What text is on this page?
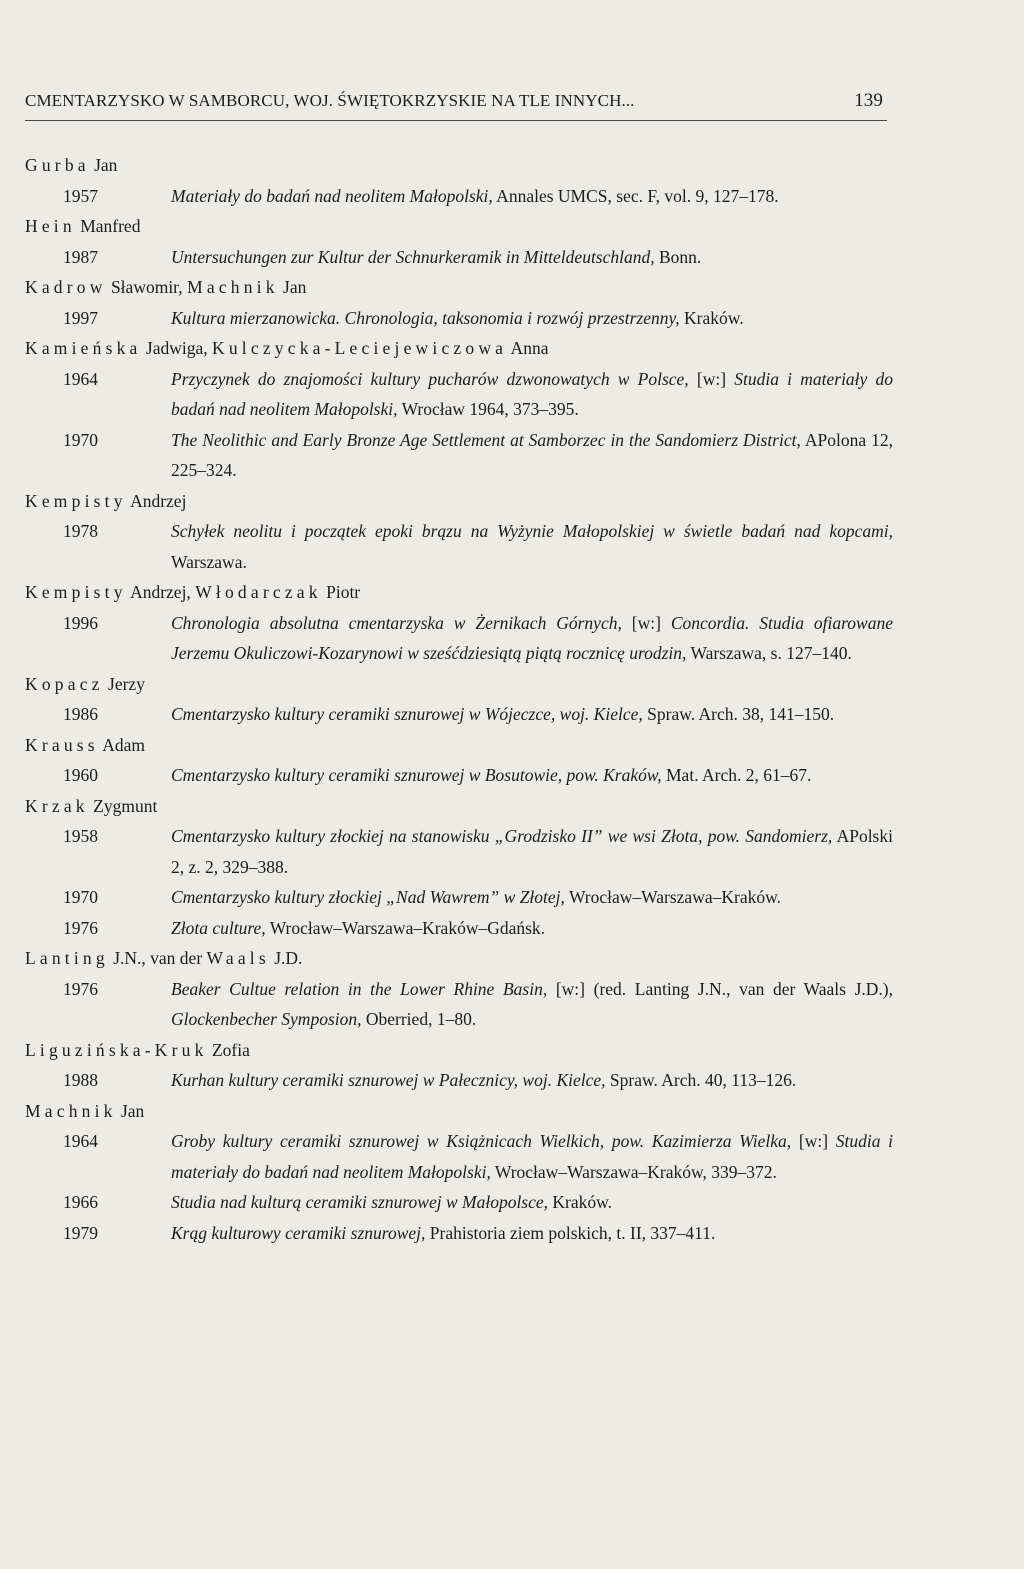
CMENTARZYSKO W SAMBORCU, WOJ. ŚWIĘTOKRZYSKIE NA TLE INNYCH...	139
Gurba Jan
1957	Materiały do badań nad neolitem Małopolski, Annales UMCS, sec. F, vol. 9, 127–178.
Hein Manfred
1987	Untersuchungen zur Kultur der Schnurkeramik in Mitteldeutschland, Bonn.
Kadrow Sławomir, Machnik Jan
1997	Kultura mierzanowicka. Chronologia, taksonomia i rozwój przestrzenny, Kraków.
Kamieńska Jadwiga, Kulczycka-Leciejewiczowa Anna
1964	Przyczynek do znajomości kultury pucharów dzwonowatych w Polsce, [w:] Studia i materiały do badań nad neolitem Małopolski, Wrocław 1964, 373–395.
1970	The Neolithic and Early Bronze Age Settlement at Samborzec in the Sandomierz District, APolona 12, 225–324.
Kempisty Andrzej
1978	Schyłek neolitu i początek epoki brązu na Wyżynie Małopolskiej w świetle badań nad kopcami, Warszawa.
Kempisty Andrzej, Włodarczak Piotr
1996	Chronologia absolutna cmentarzyska w Żernikach Górnych, [w:] Concordia. Studia ofiarowane Jerzemu Okuliczowi-Kozarynowi w sześćdziesiątą piątą rocznicę urodzin, Warszawa, s. 127–140.
Kopacz Jerzy
1986	Cmentarzysko kultury ceramiki sznurowej w Wójeczce, woj. Kielce, Spraw. Arch. 38, 141–150.
Krauss Adam
1960	Cmentarzysko kultury ceramiki sznurowej w Bosutowie, pow. Kraków, Mat. Arch. 2, 61–67.
Krzak Zygmunt
1958	Cmentarzysko kultury złockiej na stanowisku „Grodzisko II” we wsi Złota, pow. Sandomierz, APolski 2, z. 2, 329–388.
1970	Cmentarzysko kultury złockiej „Nad Wawrem” w Złotej, Wrocław–Warszawa–Kraków.
1976	Złota culture, Wrocław–Warszawa–Kraków–Gdańsk.
Lanting J.N., van der Waals J.D.
1976	Beaker Cultue relation in the Lower Rhine Basin, [w:] (red. Lanting J.N., van der Waals J.D.), Glockenbecher Symposion, Oberried, 1–80.
Liguzińska-Kruk Zofia
1988	Kurhan kultury ceramiki sznurowej w Pałecznicy, woj. Kielce, Spraw. Arch. 40, 113–126.
Machnik Jan
1964	Groby kultury ceramiki sznurowej w Książnicach Wielkich, pow. Kazimierza Wielka, [w:] Studia i materiały do badań nad neolitem Małopolski, Wrocław–Warszawa–Kraków, 339–372.
1966	Studia nad kulturą ceramiki sznurowej w Małopolsce, Kraków.
1979	Krąg kulturowy ceramiki sznurowej, Prahistoria ziem polskich, t. II, 337–411.
